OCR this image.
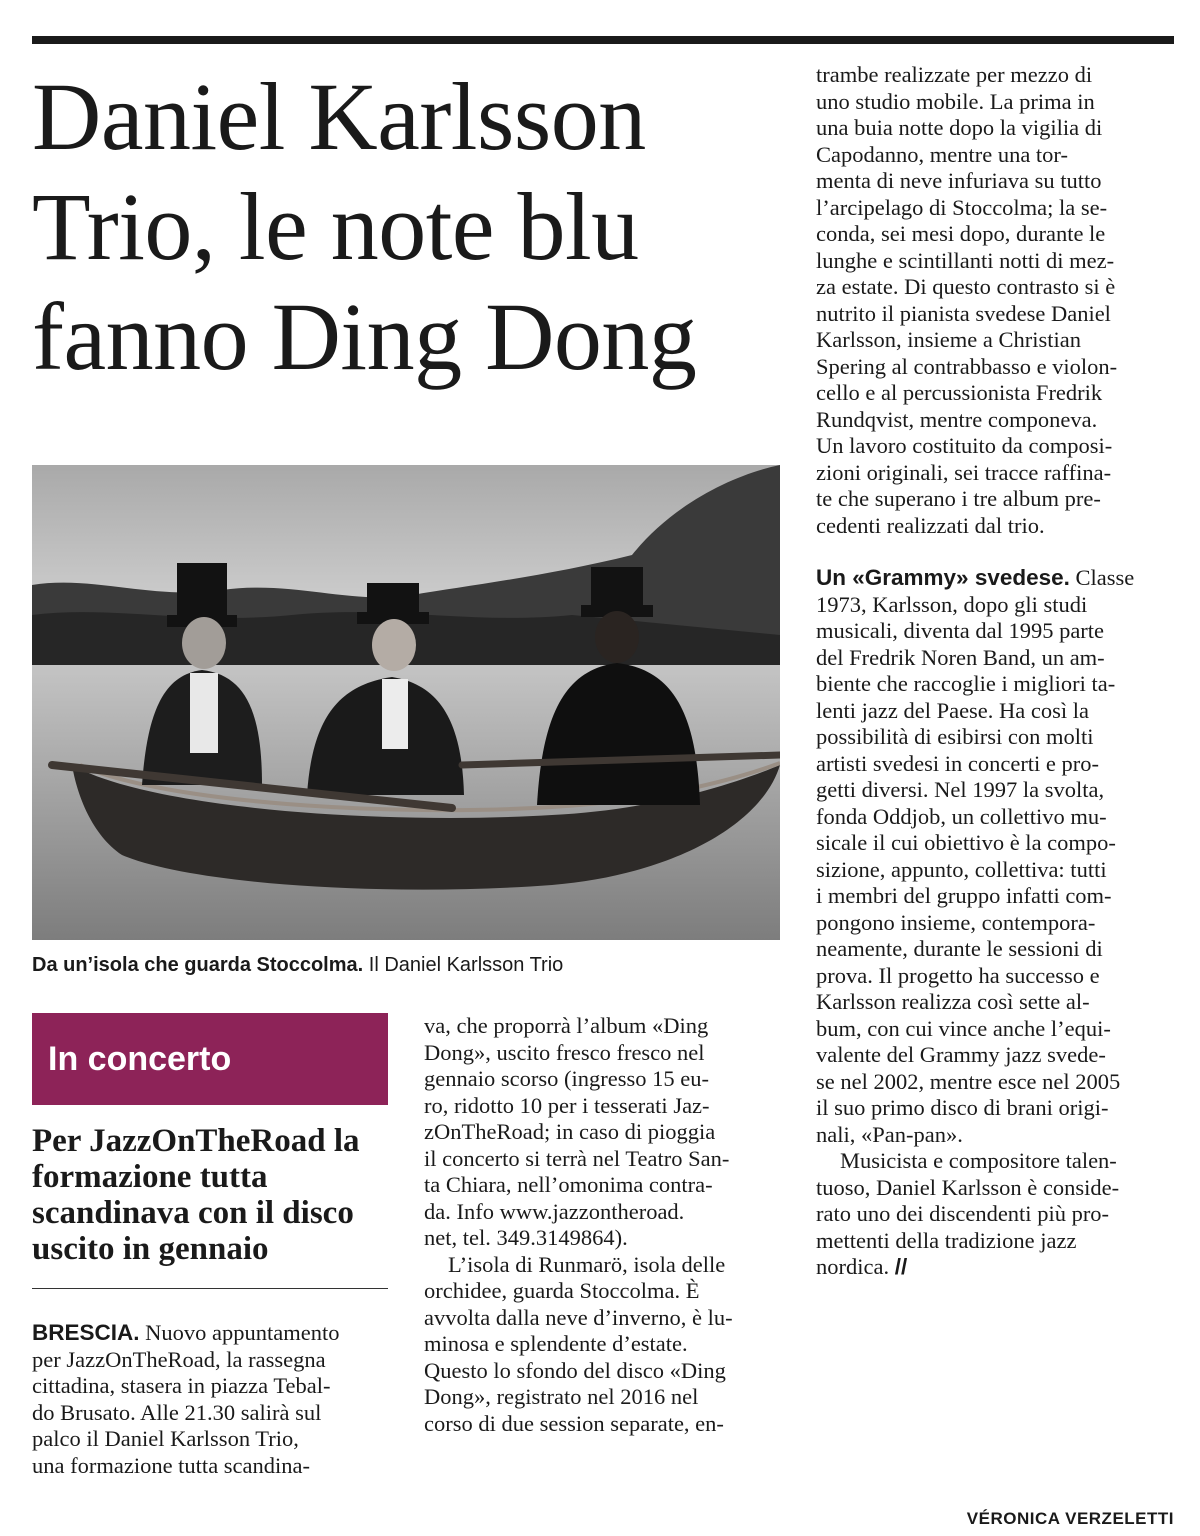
Daniel Karlsson
Trio, le note blu
fanno Ding Dong

Da un’isola che guarda Stoccolma. Il Daniel Karlsson Trio

In concerto
Per JazzOnTheRoad la
formazione tutta
scandinava con il disco
uscito in gennaio
BRESCIA. Nuovo appuntamento
per JazzOnTheRoad, la rassegna
cittadina, stasera in piazza Tebal-
do Brusato. Alle 21.30 salirà sul
palco il Daniel Karlsson Trio,
una formazione tutta scandina-
va, che proporrà l’album «Ding
Dong», uscito fresco fresco nel
gennaio scorso (ingresso 15 eu-
ro, ridotto 10 per i tesserati Jaz-
zOnTheRoad; in caso di pioggia
il concerto si terrà nel Teatro San-
ta Chiara, nell’omonima contra-
da. Info www.jazzontheroad.
net, tel. 349.3149864).
L’isola di Runmarö, isola delle
orchidee, guarda Stoccolma. È
avvolta dalla neve d’inverno, è lu-
minosa e splendente d’estate.
Questo lo sfondo del disco «Ding
Dong», registrato nel 2016 nel
corso di due session separate, en-
trambe realizzate per mezzo di
uno studio mobile. La prima in
una buia notte dopo la vigilia di
Capodanno, mentre una tor-
menta di neve infuriava su tutto
l’arcipelago di Stoccolma; la se-
conda, sei mesi dopo, durante le
lunghe e scintillanti notti di mez-
za estate. Di questo contrasto si è
nutrito il pianista svedese Daniel
Karlsson, insieme a Christian
Spering al contrabbasso e violon-
cello e al percussionista Fredrik
Rundqvist, mentre componeva.
Un lavoro costituito da composi-
zioni originali, sei tracce raffina-
te che superano i tre album pre-
cedenti realizzati dal trio.
Un «Grammy» svedese. Classe
1973, Karlsson, dopo gli studi
musicali, diventa dal 1995 parte
del Fredrik Noren Band, un am-
biente che raccoglie i migliori ta-
lenti jazz del Paese. Ha così la
possibilità di esibirsi con molti
artisti svedesi in concerti e pro-
getti diversi. Nel 1997 la svolta,
fonda Oddjob, un collettivo mu-
sicale il cui obiettivo è la compo-
sizione, appunto, collettiva: tutti
i membri del gruppo infatti com-
pongono insieme, contempora-
neamente, durante le sessioni di
prova. Il progetto ha successo e
Karlsson realizza così sette al-
bum, con cui vince anche l’equi-
valente del Grammy jazz svede-
se nel 2002, mentre esce nel 2005
il suo primo disco di brani origi-
nali, «Pan-pan».
Musicista e compositore talen-
tuoso, Daniel Karlsson è conside-
rato uno dei discendenti più pro-
mettenti della tradizione jazz
nordica. //
VÉRONICA VERZELETTI
